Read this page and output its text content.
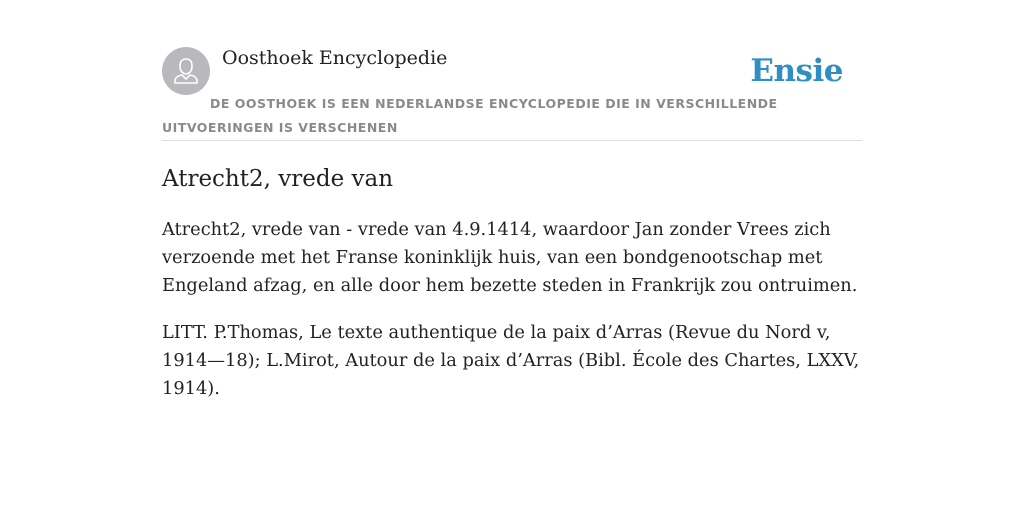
Oosthoek Encyclopedie	Ensie
DE OOSTHOEK IS EEN NEDERLANDSE ENCYCLOPEDIE DIE IN VERSCHILLENDE UITVOERINGEN IS VERSCHENEN
Atrecht2, vrede van

Atrecht2, vrede van - vrede van 4.9.1414, waardoor Jan zonder Vrees zich verzoende met het Franse koninklijk huis, van een bondgenootschap met Engeland afzag, en alle door hem bezette steden in Frankrijk zou ontruimen.

LITT. P.Thomas, Le texte authentique de la paix d’Arras (Revue du Nord v, 1914—18); L.Mirot, Autour de la paix d’Arras (Bibl. École des Chartes, LXXV, 1914).
